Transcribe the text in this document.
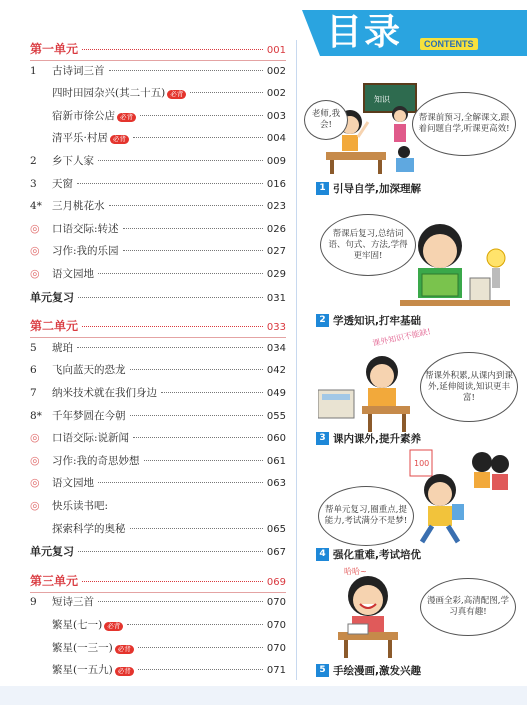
目录	CONTENTS
第一单元	001
1	古诗词三首	002
四时田园杂兴(其二十五) 必背	002
宿新市徐公店 必背	003
清平乐·村居 必背	004
2	乡下人家	009
3	天窗	016
4* 三月桃花水	023
◎	口语交际:转述	026
◎	习作:我的乐园	027
◎	语文园地	029
单元复习	031
第二单元	033
5	琥珀	034
6	飞向蓝天的恐龙	042
7	纳米技术就在我们身边	049
8* 千年梦圆在今朝	055
◎	口语交际:说新闻	060
◎	习作:我的奇思妙想	061
◎	语文园地	063
◎	快乐读书吧:
探索科学的奥秘	065
单元复习	067
第三单元	069
9	短诗三首	070
繁星(七一) 必背	070
繁星(一三一) 必背	070
繁星(一五九) 必背	071
知识
老师,我会!
帮课前预习,全解课文,跟着问题自学,听课更高效!
1 引导自学,加深理解
帮课后复习,总结词语、句式、方法,学得更牢固!
2 学透知识,打牢基础
课外知识不能缺!
帮课外积累,从课内到课外,延伸阅读,知识更丰富!
3 课内课外,提升素养
100
帮单元复习,圈重点,提能力,考试满分不是梦!
4 强化重难,考试培优
哈哈~
漫画全彩,高清配图,学习真有趣!
5 手绘漫画,激发兴趣
